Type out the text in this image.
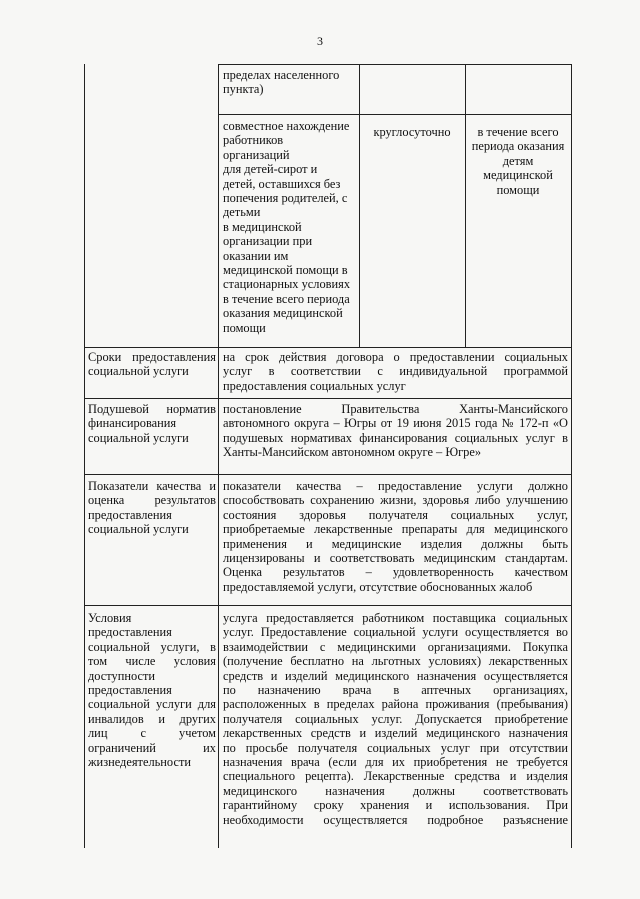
3
пределах населенного
пункта)
совместное нахождение
работников
организаций
для детей-сирот и
детей, оставшихся без
попечения родителей, с
детьми
в медицинской
организации при
оказании им
медицинской помощи в
стационарных условиях
в течение всего периода
оказания медицинской
помощи
круглосуточно	в течение всего
периода оказания
детям
медицинской
помощи
Сроки предоставления
социальной услуги
на срок действия договора о предоставлении социальных
услуг в соответствии с индивидуальной программой
предоставления социальных услуг
Подушевой норматив
финансирования
социальной услуги
постановление Правительства Ханты-Мансийского
автономного округа – Югры от 19 июня 2015 года № 172-п «О
подушевых нормативах финансирования социальных услуг в
Ханты-Мансийском автономном округе – Югре»
Показатели качества и
оценка результатов
предоставления
социальной услуги
показатели качества – предоставление услуги должно
способствовать сохранению жизни, здоровья либо улучшению
состояния здоровья получателя социальных услуг,
приобретаемые лекарственные препараты для медицинского
применения и медицинские изделия должны быть
лицензированы и соответствовать медицинским стандартам.
Оценка результатов – удовлетворенность качеством
предоставляемой услуги, отсутствие обоснованных жалоб
Условия
предоставления
социальной услуги, в
том числе условия
доступности
предоставления
социальной услуги для
инвалидов и других
лиц с учетом
ограничений их
жизнедеятельности
услуга предоставляется работником поставщика социальных
услуг. Предоставление социальной услуги осуществляется во
взаимодействии с медицинскими организациями. Покупка
(получение бесплатно на льготных условиях) лекарственных
средств и изделий медицинского назначения осуществляется
по назначению врача в аптечных организациях,
расположенных в пределах района проживания (пребывания)
получателя социальных услуг. Допускается приобретение
лекарственных средств и изделий медицинского назначения
по просьбе получателя социальных услуг при отсутствии
назначения врача (если для их приобретения не требуется
специального рецепта). Лекарственные средства и изделия
медицинского назначения должны соответствовать
гарантийному сроку хранения и использования. При
необходимости осуществляется подробное разъяснение
